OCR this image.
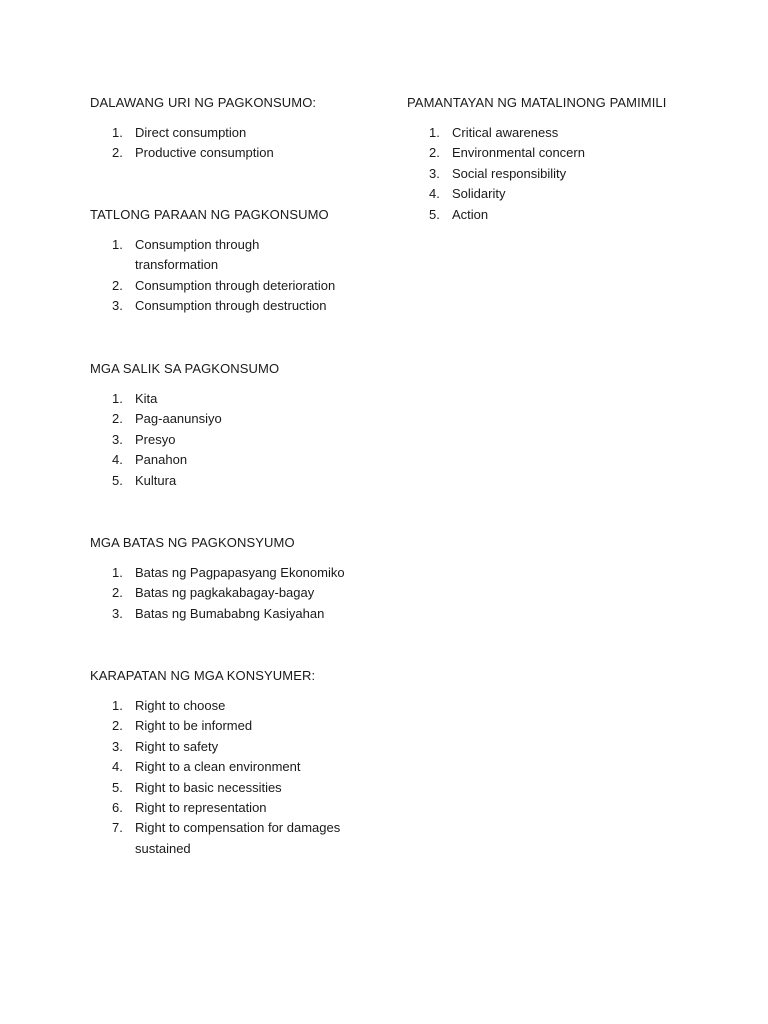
DALAWANG URI NG PAGKONSUMO:

1. Direct consumption
2. Productive consumption

TATLONG PARAAN NG PAGKONSUMO

1. Consumption through transformation
2. Consumption through deterioration
3. Consumption through destruction

MGA SALIK SA PAGKONSUMO

1. Kita
2. Pag-aanunsiyo
3. Presyo
4. Panahon
5. Kultura

MGA BATAS NG PAGKONSYUMO

1. Batas ng Pagpapasyang Ekonomiko
2. Batas ng pagkakabagay-bagay
3. Batas ng Bumababng Kasiyahan

KARAPATAN NG MGA KONSYUMER:

1. Right to choose
2. Right to be informed
3. Right to safety
4. Right to a clean environment
5. Right to basic necessities
6. Right to representation
7. Right to compensation for damages sustained

PAMANTAYAN NG MATALINONG PAMIMILI

1. Critical awareness
2. Environmental concern
3. Social responsibility
4. Solidarity
5. Action
